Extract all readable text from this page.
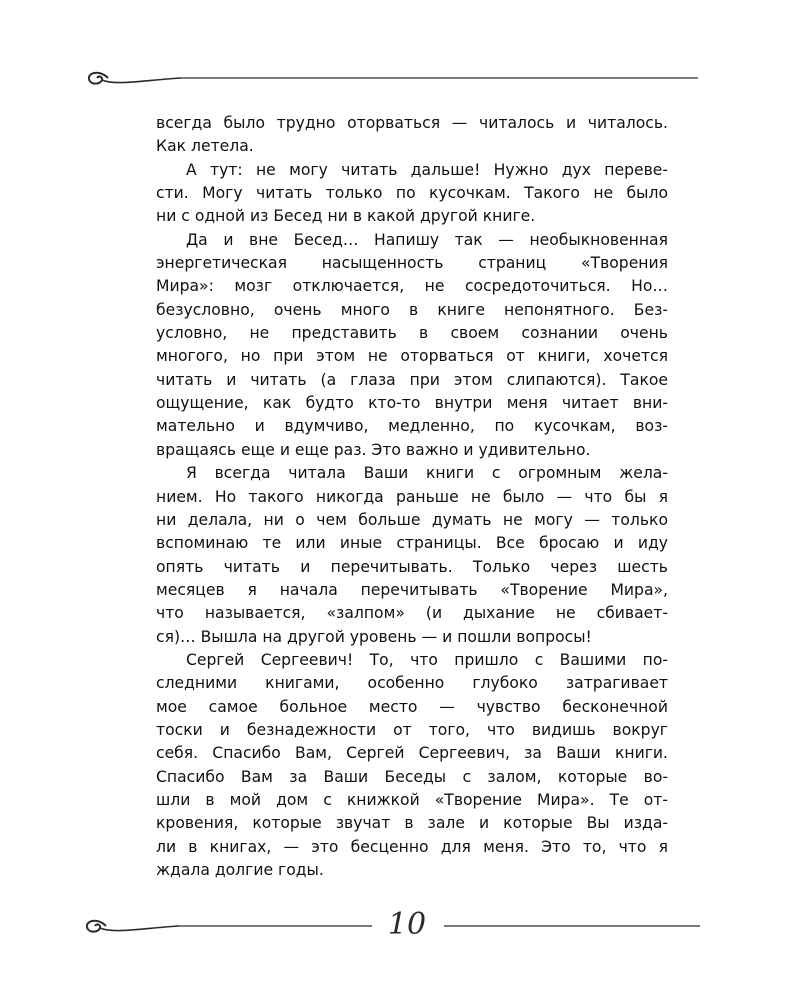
всегда было трудно оторваться — читалось и читалось.
Как летела.
А тут: не могу читать дальше! Нужно дух переве-
сти. Могу читать только по кусочкам. Такого не было
ни с одной из Бесед ни в какой другой книге.
Да и вне Бесед… Напишу так — необыкновенная
энергетическая насыщенность страниц «Творения
Мира»: мозг отключается, не сосредоточиться. Но…
безусловно, очень много в книге непонятного. Без-
условно, не представить в своем сознании очень
многого, но при этом не оторваться от книги, хочется
читать и читать (а глаза при этом слипаются). Такое
ощущение, как будто кто-то внутри меня читает вни-
мательно и вдумчиво, медленно, по кусочкам, воз-
вращаясь еще и еще раз. Это важно и удивительно.
Я всегда читала Ваши книги с огромным жела-
нием. Но такого никогда раньше не было — что бы я
ни делала, ни о чем больше думать не могу — только
вспоминаю те или иные страницы. Все бросаю и иду
опять читать и перечитывать. Только через шесть
месяцев я начала перечитывать «Творение Мира»,
что называется, «залпом» (и дыхание не сбивает-
ся)… Вышла на другой уровень — и пошли вопросы!
Сергей Сергеевич! То, что пришло с Вашими по-
следними книгами, особенно глубоко затрагивает
мое самое больное место — чувство бесконечной
тоски и безнадежности от того, что видишь вокруг
себя. Спасибо Вам, Сергей Сергеевич, за Ваши книги.
Спасибо Вам за Ваши Беседы с залом, которые во-
шли в мой дом с книжкой «Творение Мира». Те от-
кровения, которые звучат в зале и которые Вы изда-
ли в книгах, — это бесценно для меня. Это то, что я
ждала долгие годы.
10
